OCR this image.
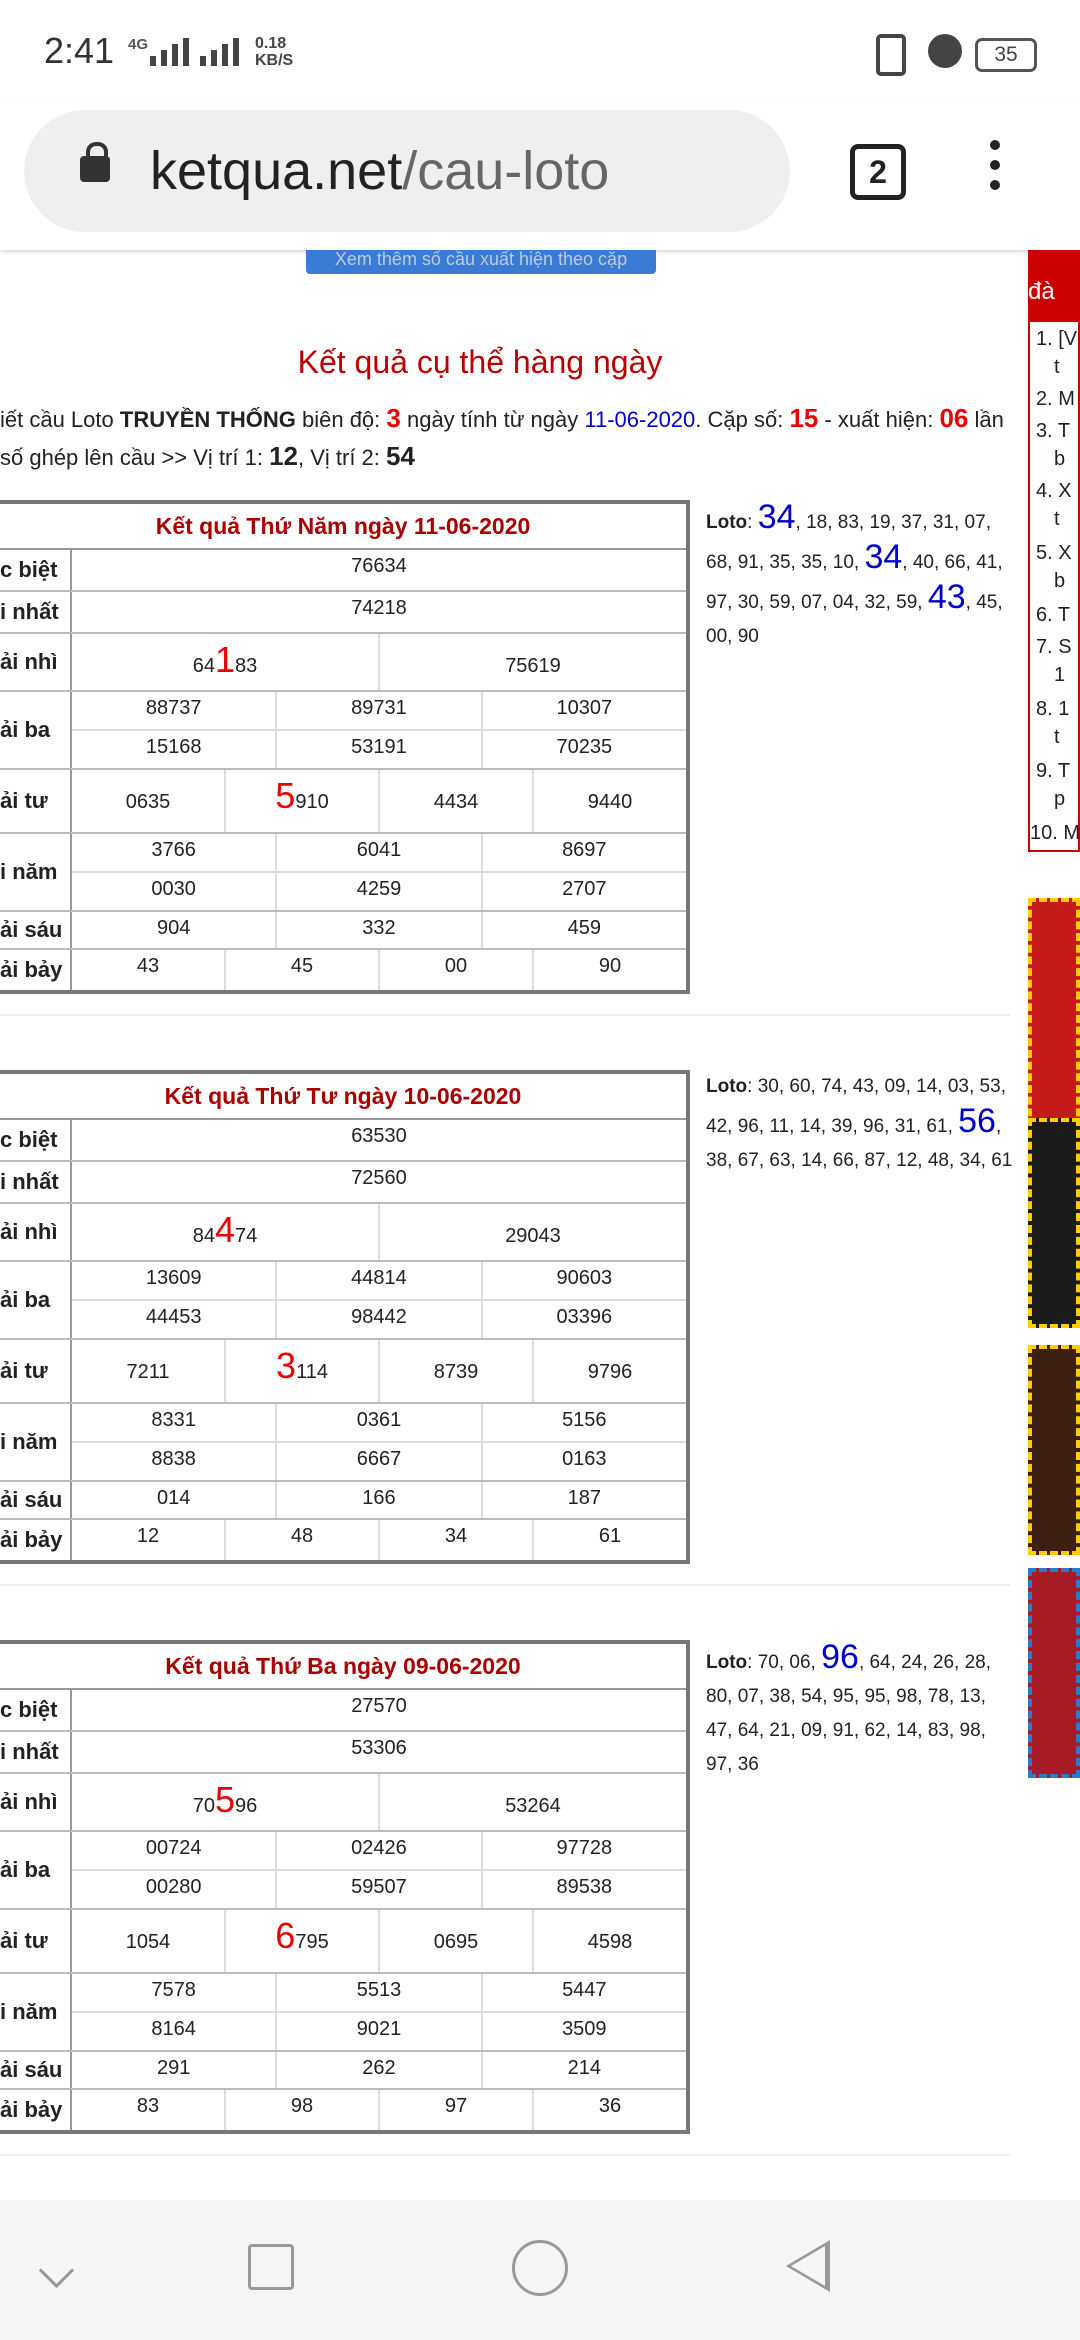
2:41 4G	0.18
KB/S	35
ketqua.net/cau-loto	2
Xem thêm số cầu xuất hiện theo cặp
Kết quả cụ thể hàng ngày
iết cầu Loto TRUYỀN THỐNG biên độ: 3 ngày tính từ ngày 11-06-2020. Cặp số: 15 - xuất hiện: 06 lần
số ghép lên cầu >> Vị trí 1: 12, Vị trí 2: 54
Kết quả Thứ Năm ngày 11-06-2020
c biệt	76634
i nhất	74218
ải nhì	64183	75619
ải ba
88737	89731	10307
15168	53191	70235
ải tư	0635	5910	4434	9440
i năm
3766	6041	8697
0030	4259	2707
ải sáu	904	332	459
ải bảy	43	45	00	90
Loto: 34, 18, 83, 19, 37, 31, 07, 68, 91, 35, 35, 10, 34, 40, 66, 41, 97, 30, 59, 07, 04, 32, 59, 43, 45, 00, 90
Kết quả Thứ Tư ngày 10-06-2020
c biệt	63530
i nhất	72560
ải nhì	84474	29043
ải ba
13609	44814	90603
44453	98442	03396
ải tư	7211	3114	8739	9796
i năm
8331	0361	5156
8838	6667	0163
ải sáu	014	166	187
ải bảy	12	48	34	61
Loto: 30, 60, 74, 43, 09, 14, 03, 53, 42, 96, 11, 14, 39, 96, 31, 61, 56, 38, 67, 63, 14, 66, 87, 12, 48, 34, 61
Kết quả Thứ Ba ngày 09-06-2020
c biệt	27570
i nhất	53306
ải nhì	70596	53264
ải ba
00724	02426	97728
00280	59507	89538
ải tư	1054	6795	0695	4598
i năm
7578	5513	5447
8164	9021	3509
ải sáu	291	262	214
ải bảy	83	98	97	36
Loto: 70, 06, 96, 64, 24, 26, 28, 80, 07, 38, 54, 95, 95, 98, 78, 13, 47, 64, 21, 09, 91, 62, 14, 83, 98, 97, 36
đà
1. [V
t
2. M
3. T
b
4. X
t
5. X
b
6. T
7. S
1
8. 1
t
9. T
p
10. M
